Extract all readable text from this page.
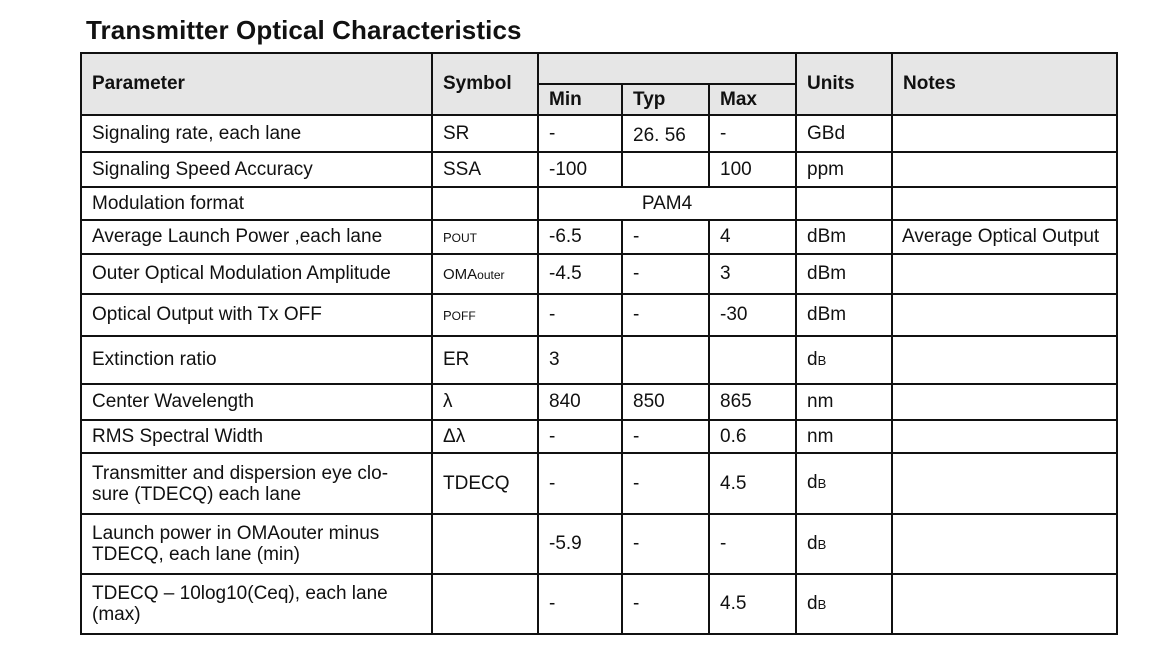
Transmitter Optical Characteristics
Parameter	Symbol				Units	Notes
		Min	Typ	Max		
Signaling rate, each lane	SR	-	26. 56	-	GBd	
Signaling Speed Accuracy	SSA	-100		100	ppm	
Modulation format		PAM4				
Average Launch Power ,each lane	POUT	-6.5	-	4	dBm	Average Optical Output
Outer Optical Modulation Amplitude	OMAouter	-4.5	-	3	dBm	
Optical Output with Tx OFF	POFF	-	-	-30	dBm	
Extinction ratio	ER	3			dB	
Center Wavelength	λ	840	850	865	nm	
RMS Spectral Width	Δλ	-	-	0.6	nm	
Transmitter and dispersion eye clo-sure (TDECQ) each lane	TDECQ	-	-	4.5	dB	
Launch power in OMAouter minus TDECQ, each lane (min)		-5.9	-	-	dB	
TDECQ – 10log10(Ceq), each lane (max)		-	-	4.5	dB	
